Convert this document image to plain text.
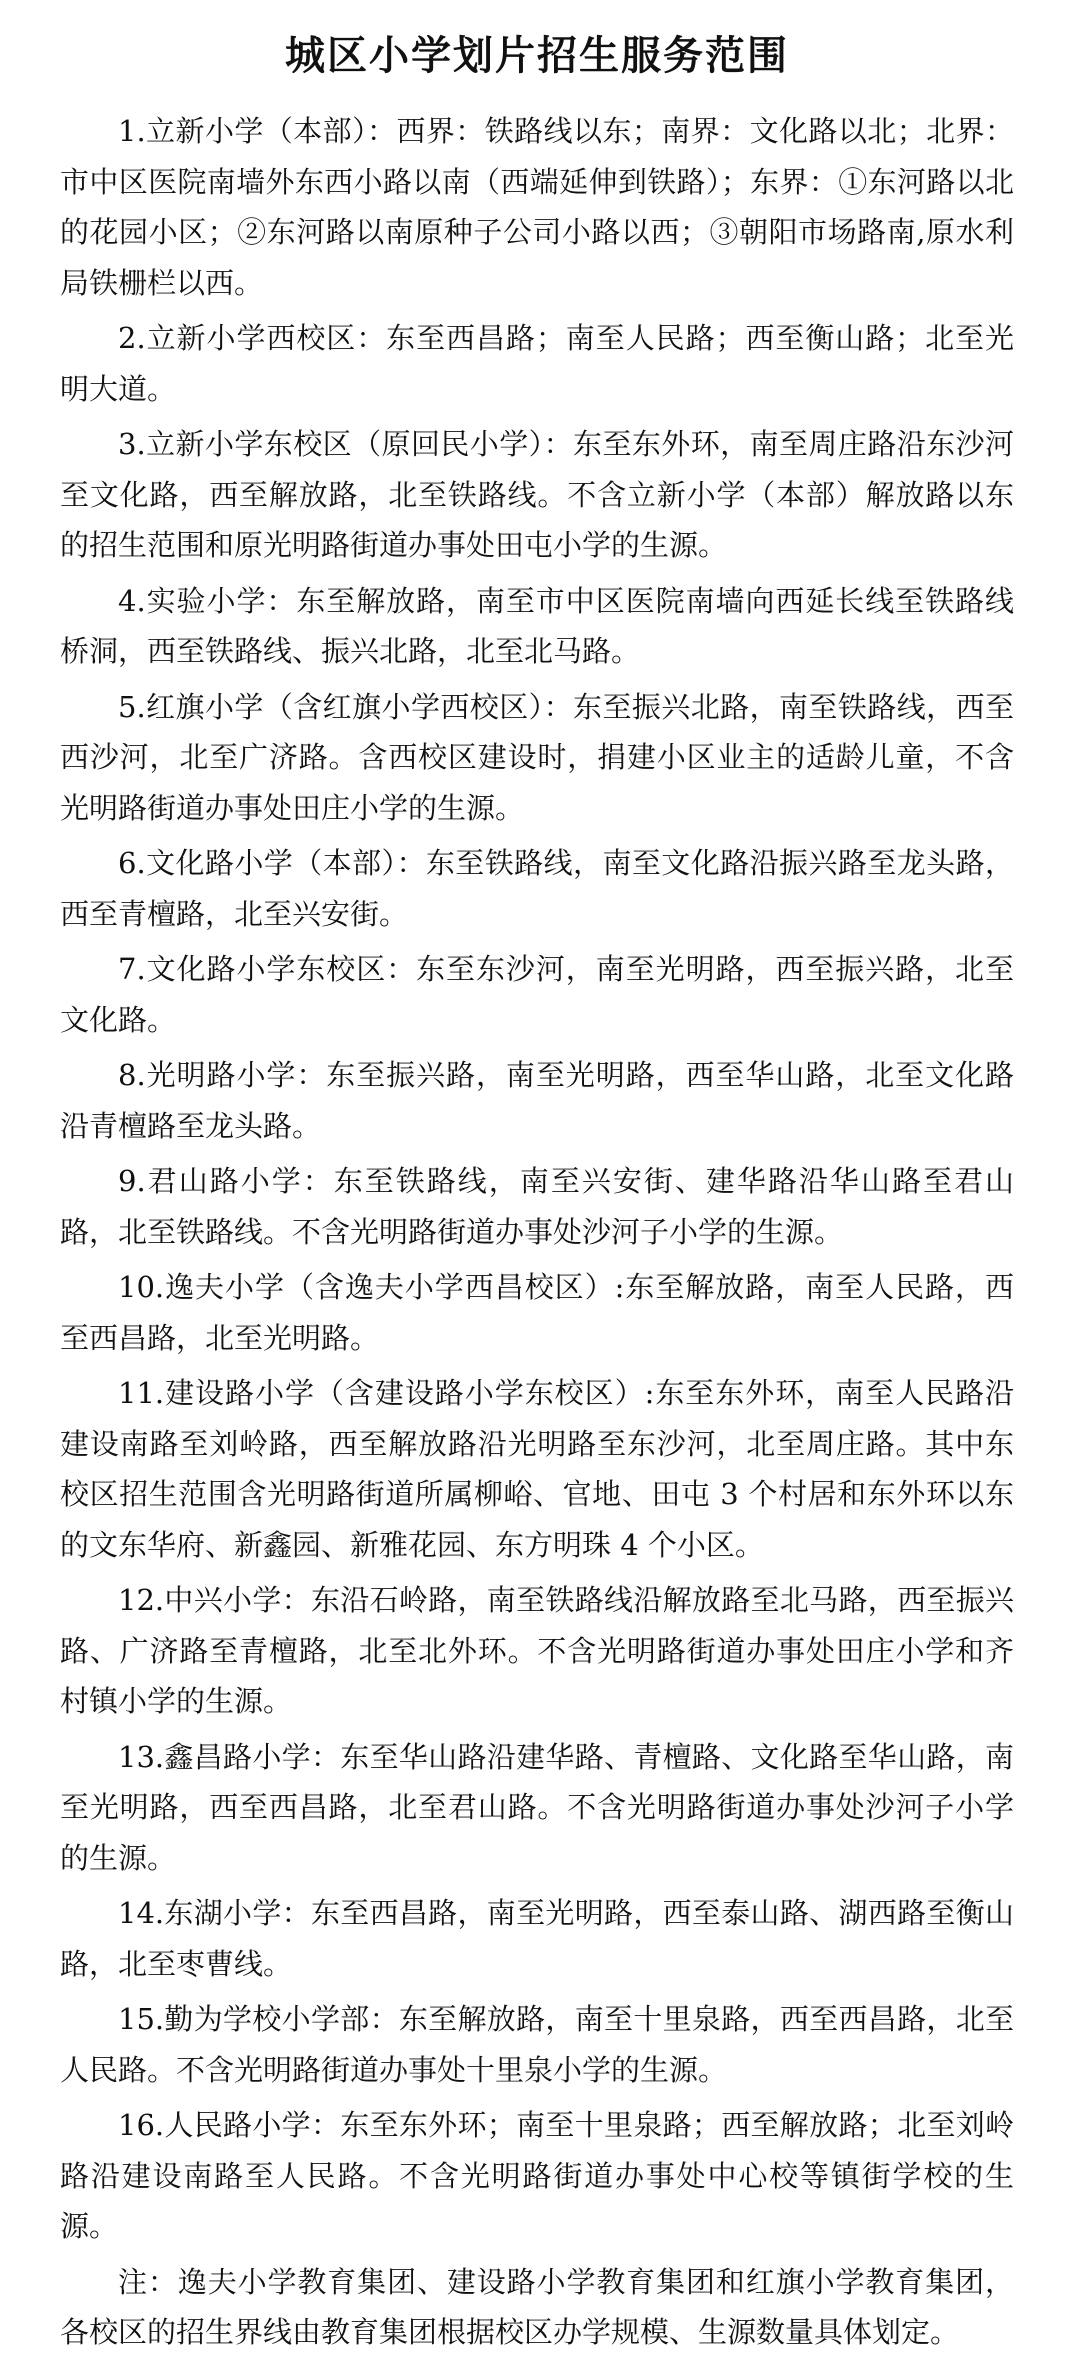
城区小学划片招生服务范围

1.立新小学（本部）：西界：铁路线以东；南界：文化路以北；北界：市中区医院南墙外东西小路以南（西端延伸到铁路）；东界：①东河路以北的花园小区；②东河路以南原种子公司小路以西；③朝阳市场路南,原水利局铁栅栏以西。

2.立新小学西校区：东至西昌路；南至人民路；西至衡山路；北至光明大道。

3.立新小学东校区（原回民小学）：东至东外环，南至周庄路沿东沙河至文化路，西至解放路，北至铁路线。不含立新小学（本部）解放路以东的招生范围和原光明路街道办事处田屯小学的生源。

4.实验小学：东至解放路，南至市中区医院南墙向西延长线至铁路线桥洞，西至铁路线、振兴北路，北至北马路。

5.红旗小学（含红旗小学西校区）：东至振兴北路，南至铁路线，西至西沙河，北至广济路。含西校区建设时，捐建小区业主的适龄儿童，不含光明路街道办事处田庄小学的生源。

6.文化路小学（本部）：东至铁路线，南至文化路沿振兴路至龙头路，西至青檀路，北至兴安街。

7.文化路小学东校区：东至东沙河，南至光明路，西至振兴路，北至文化路。

8.光明路小学：东至振兴路，南至光明路，西至华山路，北至文化路沿青檀路至龙头路。

9.君山路小学：东至铁路线，南至兴安街、建华路沿华山路至君山路，北至铁路线。不含光明路街道办事处沙河子小学的生源。

10.逸夫小学（含逸夫小学西昌校区）:东至解放路，南至人民路，西至西昌路，北至光明路。

11.建设路小学（含建设路小学东校区）:东至东外环，南至人民路沿建设南路至刘岭路，西至解放路沿光明路至东沙河，北至周庄路。其中东校区招生范围含光明路街道所属柳峪、官地、田屯 3 个村居和东外环以东的文东华府、新鑫园、新雅花园、东方明珠 4 个小区。

12.中兴小学：东沿石岭路，南至铁路线沿解放路至北马路，西至振兴路、广济路至青檀路，北至北外环。不含光明路街道办事处田庄小学和齐村镇小学的生源。

13.鑫昌路小学：东至华山路沿建华路、青檀路、文化路至华山路，南至光明路，西至西昌路，北至君山路。不含光明路街道办事处沙河子小学的生源。

14.东湖小学：东至西昌路，南至光明路，西至泰山路、湖西路至衡山路，北至枣曹线。

15.勤为学校小学部：东至解放路，南至十里泉路，西至西昌路，北至人民路。不含光明路街道办事处十里泉小学的生源。

16.人民路小学：东至东外环；南至十里泉路；西至解放路；北至刘岭路沿建设南路至人民路。不含光明路街道办事处中心校等镇街学校的生源。

注：逸夫小学教育集团、建设路小学教育集团和红旗小学教育集团，各校区的招生界线由教育集团根据校区办学规模、生源数量具体划定。
